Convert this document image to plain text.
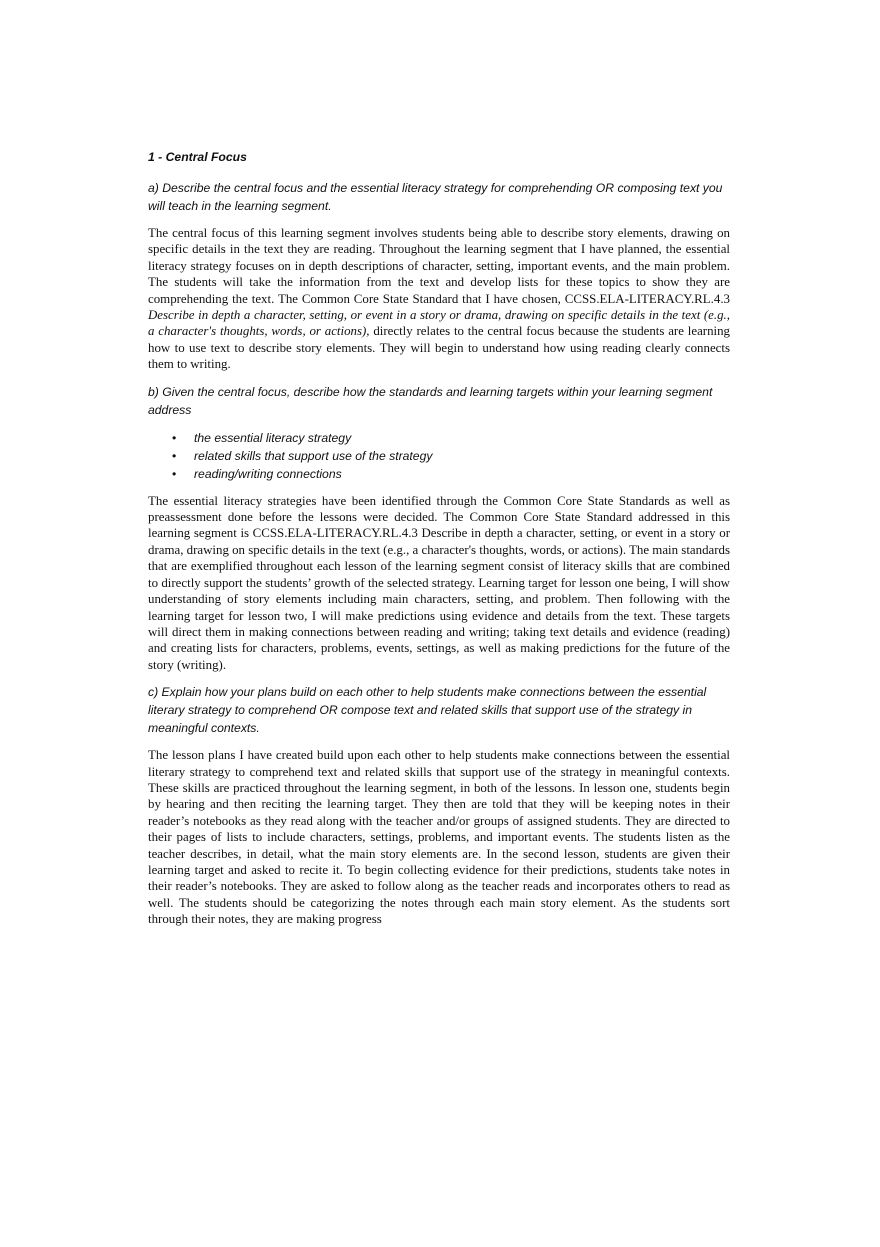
1 - Central Focus

a) Describe the central focus and the essential literacy strategy for comprehending OR composing text you will teach in the learning segment.

The central focus of this learning segment involves students being able to describe story elements, drawing on specific details in the text they are reading. Throughout the learning segment that I have planned, the essential literacy strategy focuses on in depth descriptions of character, setting, important events, and the main problem. The students will take the information from the text and develop lists for these topics to show they are comprehending the text. The Common Core State Standard that I have chosen, CCSS.ELA-LITERACY.RL.4.3 Describe in depth a character, setting, or event in a story or drama, drawing on specific details in the text (e.g., a character's thoughts, words, or actions), directly relates to the central focus because the students are learning how to use text to describe story elements. They will begin to understand how using reading clearly connects them to writing.

b) Given the central focus, describe how the standards and learning targets within your learning segment address

• the essential literacy strategy
• related skills that support use of the strategy
• reading/writing connections

The essential literacy strategies have been identified through the Common Core State Standards as well as preassessment done before the lessons were decided. The Common Core State Standard addressed in this learning segment is CCSS.ELA-LITERACY.RL.4.3 Describe in depth a character, setting, or event in a story or drama, drawing on specific details in the text (e.g., a character's thoughts, words, or actions). The main standards that are exemplified throughout each lesson of the learning segment consist of literacy skills that are combined to directly support the students’ growth of the selected strategy. Learning target for lesson one being, I will show understanding of story elements including main characters, setting, and problem. Then following with the learning target for lesson two, I will make predictions using evidence and details from the text. These targets will direct them in making connections between reading and writing; taking text details and evidence (reading) and creating lists for characters, problems, events, settings, as well as making predictions for the future of the story (writing).

c) Explain how your plans build on each other to help students make connections between the essential literary strategy to comprehend OR compose text and related skills that support use of the strategy in meaningful contexts.

The lesson plans I have created build upon each other to help students make connections between the essential literary strategy to comprehend text and related skills that support use of the strategy in meaningful contexts. These skills are practiced throughout the learning segment, in both of the lessons. In lesson one, students begin by hearing and then reciting the learning target. They then are told that they will be keeping notes in their reader’s notebooks as they read along with the teacher and/or groups of assigned students. They are directed to their pages of lists to include characters, settings, problems, and important events. The students listen as the teacher describes, in detail, what the main story elements are. In the second lesson, students are given their learning target and asked to recite it. To begin collecting evidence for their predictions, students take notes in their reader’s notebooks. They are asked to follow along as the teacher reads and incorporates others to read as well. The students should be categorizing the notes through each main story element. As the students sort through their notes, they are making progress
